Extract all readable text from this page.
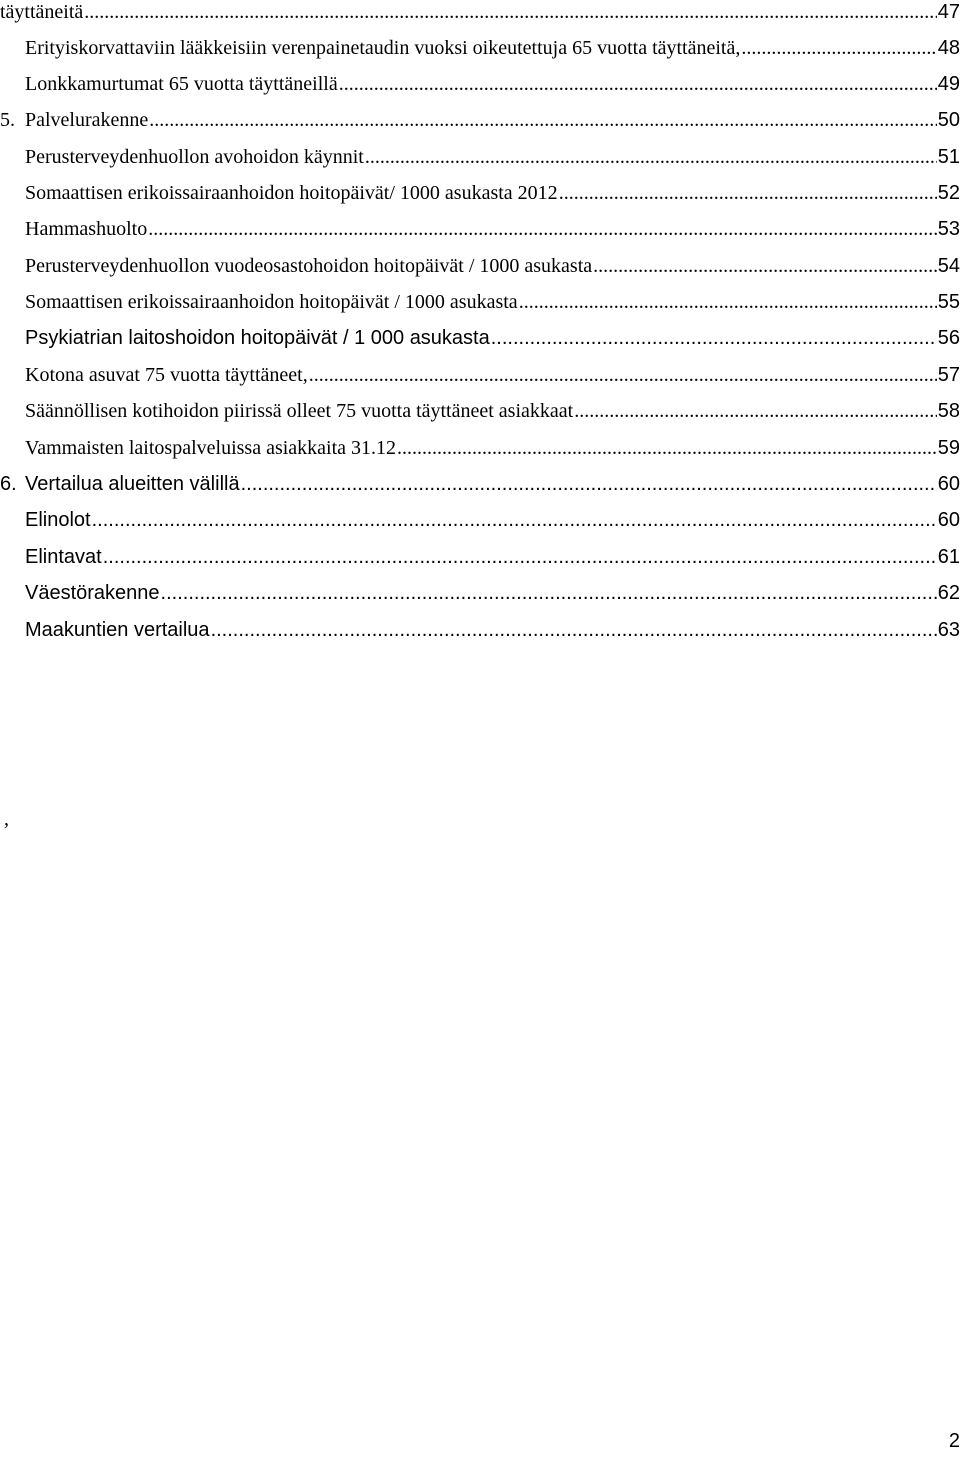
täyttäneitä .....	47
Erityiskorvattaviin lääkkeisiin verenpainetaudin vuoksi oikeutettuja 65 vuotta täyttäneitä, .....	48
Lonkkamurtumat 65 vuotta täyttäneillä .....	49
5. Palvelurakenne .....	50
Perusterveydenhuollon avohoidon käynnit .....	51
Somaattisen erikoissairaanhoidon hoitopäivät/ 1000 asukasta 2012 .....	52
Hammashuolto .....	53
Perusterveydenhuollon vuodeosastohoidon hoitopäivät / 1000 asukasta .....	54
Somaattisen erikoissairaanhoidon hoitopäivät / 1000 asukasta .....	55
Psykiatrian laitoshoidon hoitopäivät / 1 000 asukasta .....	56
Kotona asuvat 75 vuotta täyttäneet, .....	57
Säännöllisen kotihoidon piirissä olleet 75 vuotta täyttäneet asiakkaat .....	58
Vammaisten laitospalveluissa asiakkaita 31.12 .....	59
6. Vertailua alueitten välillä .....	60
Elinolot .....	60
Elintavat .....	61
Väestörakenne .....	62
Maakuntien vertailua .....	63
,
2
